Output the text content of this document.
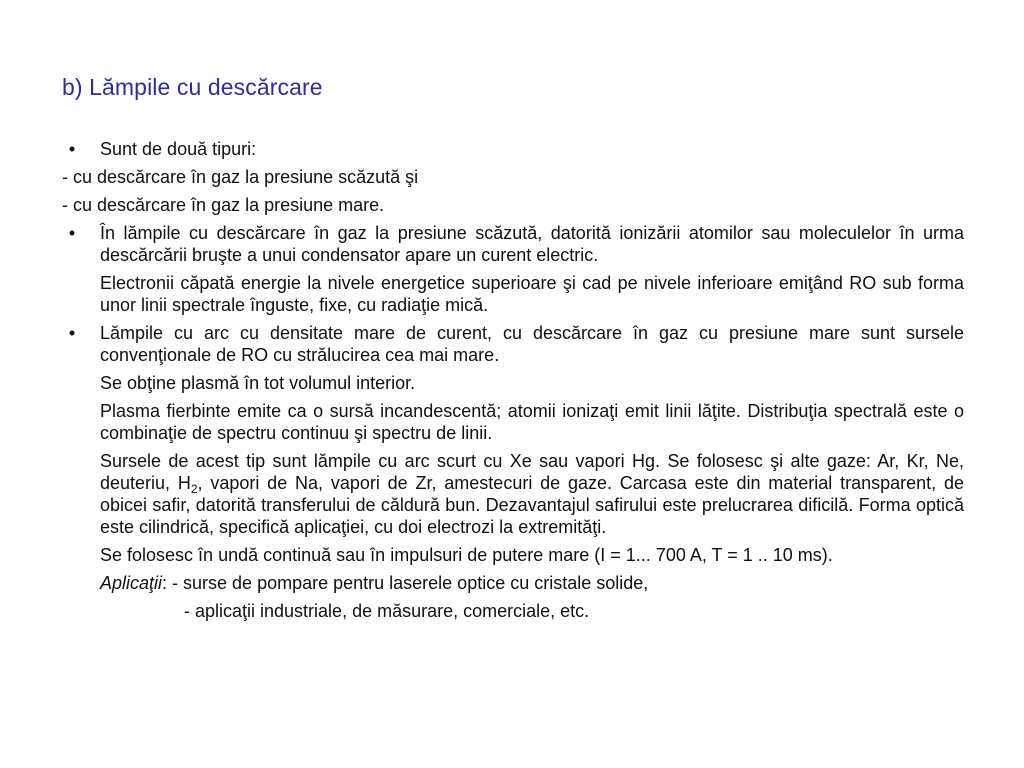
b) Lămpile cu descărcare
•	Sunt de două tipuri:
- cu descărcare în gaz la presiune scăzută şi
- cu descărcare în gaz la presiune mare.
•	În lămpile cu descărcare în gaz la presiune scăzută, datorită ionizării atomilor sau moleculelor în urma descărcării bruşte a unui condensator apare un curent electric.
Electronii căpată energie la nivele energetice superioare şi cad pe nivele inferioare emiţând RO sub forma unor linii spectrale înguste, fixe, cu radiaţie mică.
•	Lămpile cu arc cu densitate mare de curent, cu descărcare în gaz cu presiune mare sunt sursele convenţionale de RO cu strălucirea cea mai mare.
Se obţine plasmă în tot volumul interior.
Plasma fierbinte emite ca o sursă incandescentă; atomii ionizaţi emit linii lăţite. Distribuţia spectrală este o combinaţie de spectru continuu şi spectru de linii.
Sursele de acest tip sunt lămpile cu arc scurt cu Xe sau vapori Hg. Se folosesc şi alte gaze: Ar, Kr, Ne, deuteriu, $H_2$, vapori de Na, vapori de Zr, amestecuri de gaze. Carcasa este din material transparent, de obicei safir, datorită transferului de căldură bun. Dezavantajul safirului este prelucrarea dificilă. Forma optică este cilindrică, specifică aplicaţiei, cu doi electrozi la extremităţi.
Se folosesc în undă continuă sau în impulsuri de putere mare (I = 1... 700 A, T = 1 .. 10 ms).
Aplicaţii: - surse de pompare pentru laserele optice cu cristale solide,
- aplicaţii industriale, de măsurare, comerciale, etc.
